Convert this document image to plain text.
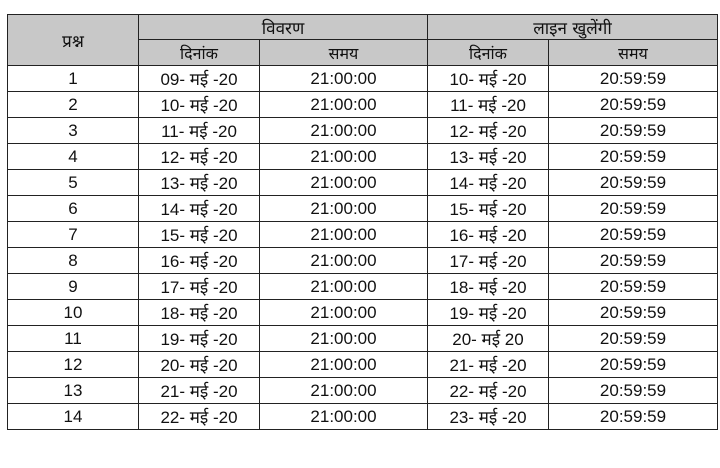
प्रश्न	विवरण		लाइन खुलेंगी	
	दिनांक	समय	दिनांक	समय
1	09- मई -20	21:00:00	10- मई -20	20:59:59
2	10- मई -20	21:00:00	11- मई -20	20:59:59
3	11- मई -20	21:00:00	12- मई -20	20:59:59
4	12- मई -20	21:00:00	13- मई -20	20:59:59
5	13- मई -20	21:00:00	14- मई -20	20:59:59
6	14- मई -20	21:00:00	15- मई -20	20:59:59
7	15- मई -20	21:00:00	16- मई -20	20:59:59
8	16- मई -20	21:00:00	17- मई -20	20:59:59
9	17- मई -20	21:00:00	18- मई -20	20:59:59
10	18- मई -20	21:00:00	19- मई -20	20:59:59
11	19- मई -20	21:00:00	20- मई 20	20:59:59
12	20- मई -20	21:00:00	21- मई -20	20:59:59
13	21- मई -20	21:00:00	22- मई -20	20:59:59
14	22- मई -20	21:00:00	23- मई -20	20:59:59
